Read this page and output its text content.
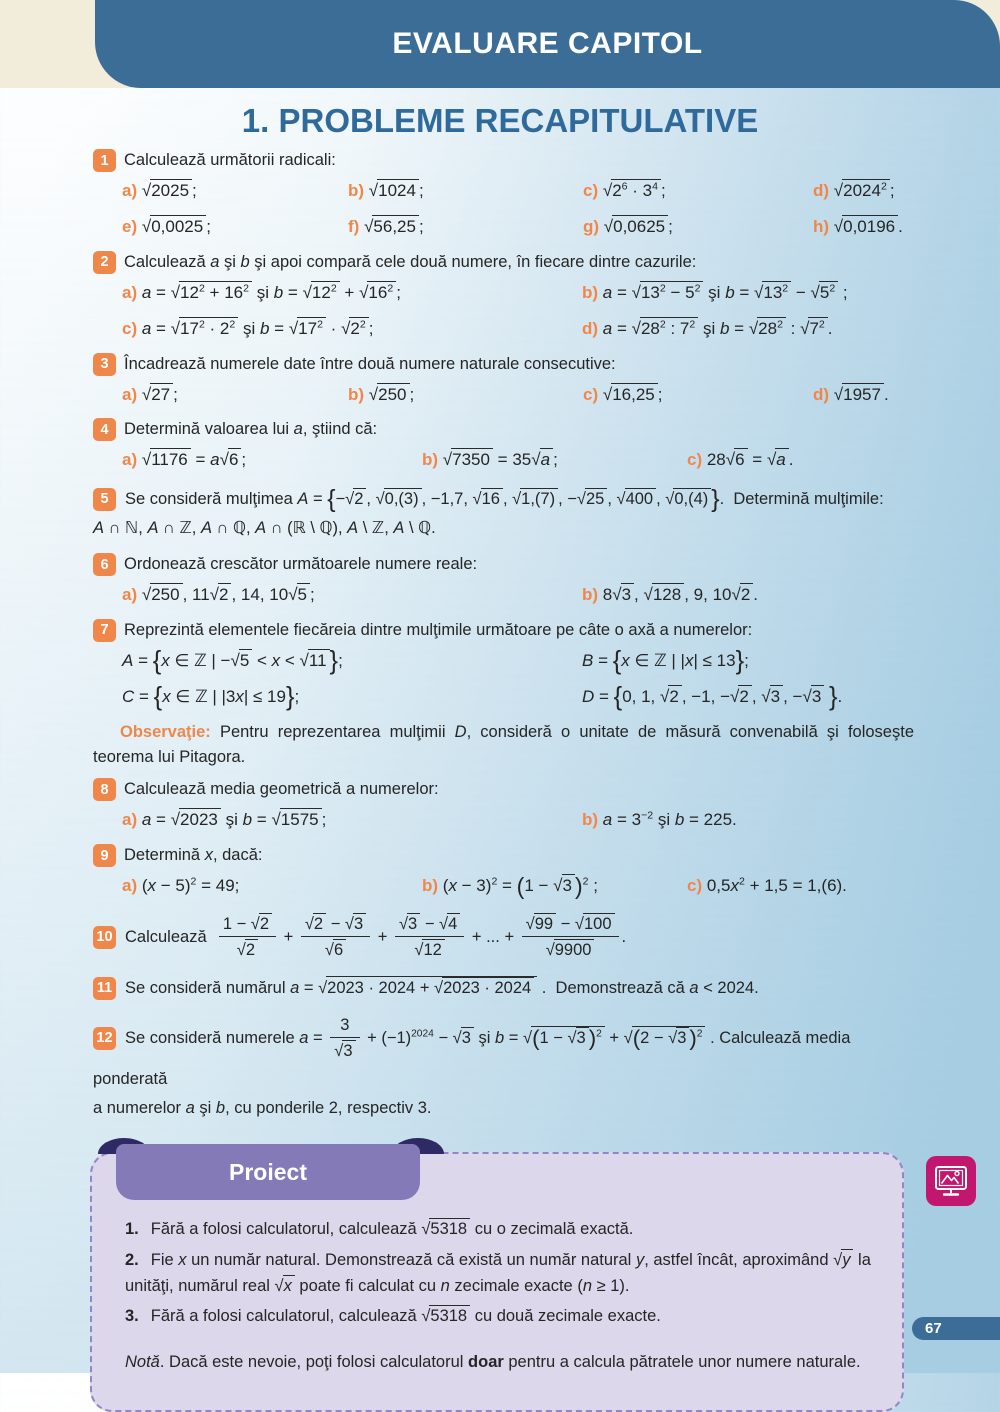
EVALUARE CAPITOL
1. PROBLEME RECAPITULATIVE
1 Calculează următorii radicali:
a) √2025 ;	b) √1024 ;	c) $√2^6 \cdot 3^4$ ;	d) √2024$^2$ ;
e) √0,0025 ;	f) √56,25 ;	g) √0,0625 ;	h) √0,0196 .
2 Calculează a şi b şi apoi compară cele două numere, în fiecare dintre cazurile:
a) $a = √12^2 + 16^2$ şi $b = √12^2 + √16^2$ ;	b) $a = √13^2 - 5^2$ şi $b = √13^2 - √5^2$ ;
c) $a = √17^2 \cdot 2^2$ şi $b = √17^2 \cdot √2^2$ ;	d) $a = √28^2$ : $7^2$ şi $b = √28^2$ : $√7^2$ .
3 Încadrează numerele date între două numere naturale consecutive:
a) √27 ;	b) √250 ;	c) √16,25 ;	d) √1957 .
4 Determină valoarea lui a, ştiind că:
a) √1176 = a√6 ;	b) √7350 = 35√a ;	c) 28√6 = √a .

5 Se consideră mulţimea A = {−√2 , √0,(3) , −1,7, √16 , √1,(7) , −√25 , √400 , √0,(4) }.  Determină mulţimile:
A ∩ ℕ, A ∩ ℤ, A ∩ ℚ, A ∩ (ℝ \ ℚ), A \ ℤ, A \ ℚ.

6 Ordonează crescător următoarele numere reale:
a) √250 , 11√2 , 14, 10√5 ;	b) 8√3 , √128 , 9, 10√2 .
7 Reprezintă elementele fiecăreia dintre mulţimile următoare pe câte o axă a numerelor:
A = {x ∈ ℤ | −√5 < x < √11 };	B = {x ∈ ℤ | |x| ≤ 13};
C = {x ∈ ℤ | |3x| ≤ 19};	D = {0, 1, √2 , −1, −√2 , √3 , −√3 }.

Observaţie: Pentru reprezentarea mulţimii D, consideră o unitate de măsură convenabilă şi foloseşte teorema lui Pitagora.

8 Calculează media geometrică a numerelor:
a) a = √2023 şi b = √1575 ;	b) $a = 3^{-2}$ şi b = 225.
9 Determină x, dacă:
a) $(x - 5)^2 = 49$;	b) $(x - 3)^2 = (1 - √3$ )$^2$ ;	c) $0,5x^2 + 1,5 = 1,(6)$.

10 Calculează $\frac{1 - √2}{√2} + \frac{√2 - √3}{√6} + \frac{√3 - √4}{√12}$ + ... + $\frac{√99 - √100}{√9900}$ .

11 Se consideră numărul a = √2023 · 2024 + √2023 · 2024 .  Demonstrează că a < 2024.

12 Se consideră numerele $a = \frac{3}{√3} + (-1)^{2024} - √3$ şi b = √(1 − √3 )$^2$ + √(2 − √3 )$^2$ . Calculează media ponderată
a numerelor a şi b, cu ponderile 2, respectiv 3.

Proiect

1. Fără a folosi calculatorul, calculează √5318 cu o zecimală exactă.

2. Fie x un număr natural. Demonstrează că există un număr natural y, astfel încât, aproximând √y la unităţi, numărul real √x poate fi calculat cu n zecimale exacte (n ≥ 1).

3. Fără a folosi calculatorul, calculează √5318 cu două zecimale exacte.

Notă. Dacă este nevoie, poţi folosi calculatorul doar pentru a calcula pătratele unor numere naturale.

67
